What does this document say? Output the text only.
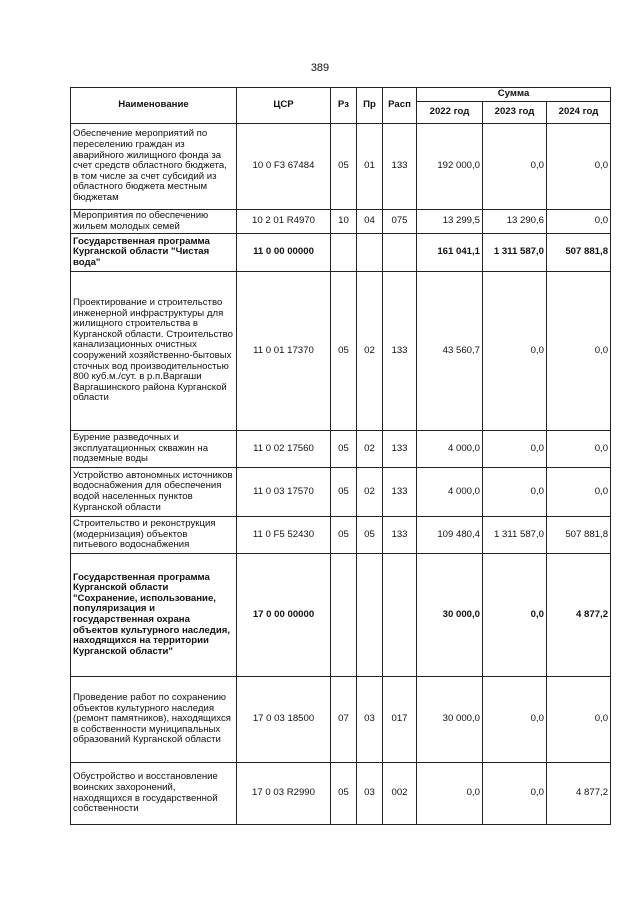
389
Наименование	ЦСР	Рз	Пр	Расп	Сумма		
					2022 год	2023 год	2024 год
Обеспечение мероприятий по переселению граждан из аварийного жилищного фонда за счет средств областного бюджета, в том числе за счет субсидий из областного бюджета местным бюджетам	10 0 F3 67484	05	01	133	192 000,0	0,0	0,0
Мероприятия по обеспечению жильем молодых семей	10 2 01 R4970	10	04	075	13 299,5	13 290,6	0,0
Государственная программа Курганской области "Чистая вода"	11 0 00 00000				161 041,1	1 311 587,0	507 881,8
Проектирование и строительство инженерной инфраструктуры для жилищного строительства в Курганской области. Строительство канализационных очистных сооружений хозяйственно-бытовых сточных вод производительностью 800 куб.м./сут. в р.п.Варгаши Варгашинского района Курганской области	11 0 01 17370	05	02	133	43 560,7	0,0	0,0
Бурение разведочных и эксплуатационных скважин на подземные воды	11 0 02 17560	05	02	133	4 000,0	0,0	0,0
Устройство автономных источников водоснабжения для обеспечения водой населенных пунктов Курганской области	11 0 03 17570	05	02	133	4 000,0	0,0	0,0
Строительство и реконструкция (модернизация) объектов питьевого водоснабжения	11 0 F5 52430	05	05	133	109 480,4	1 311 587,0	507 881,8
Государственная программа Курганской области "Сохранение, использование, популяризация и государственная охрана объектов культурного наследия, находящихся на территории Курганской области"	17 0 00 00000				30 000,0	0,0	4 877,2
Проведение работ по сохранению объектов культурного наследия (ремонт памятников), находящихся в собственности муниципальных образований Курганской области	17 0 03 18500	07	03	017	30 000,0	0,0	0,0
Обустройство и восстановление воинских захоронений, находящихся в государственной собственности	17 0 03 R2990	05	03	002	0,0	0,0	4 877,2
